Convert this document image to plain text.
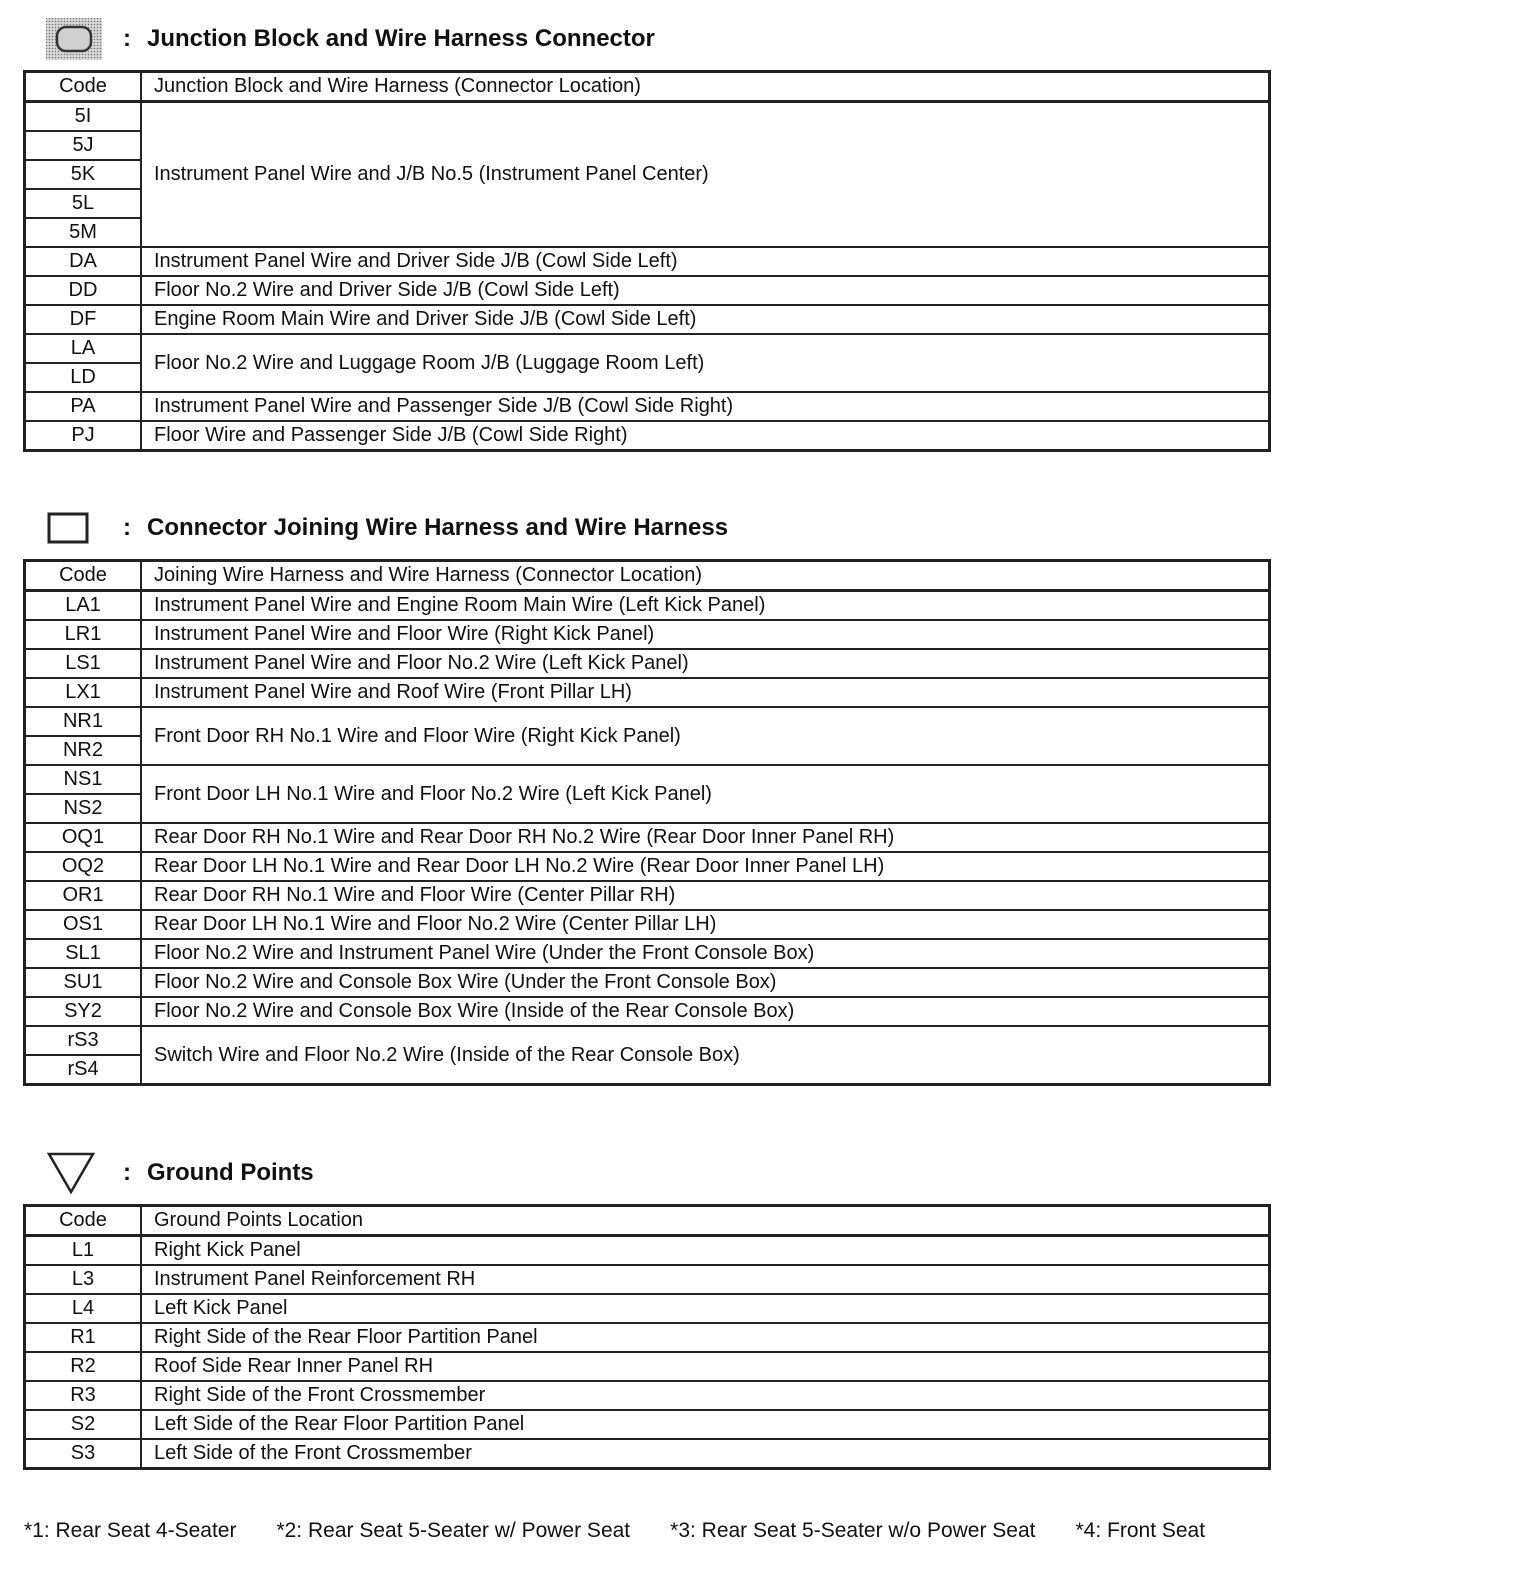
: Junction Block and Wire Harness Connector
Code	Junction Block and Wire Harness (Connector Location)
5I	Instrument Panel Wire and J/B No.5 (Instrument Panel Center)
5J	
5K	
5L	
5M	
DA	Instrument Panel Wire and Driver Side J/B (Cowl Side Left)
DD	Floor No.2 Wire and Driver Side J/B (Cowl Side Left)
DF	Engine Room Main Wire and Driver Side J/B (Cowl Side Left)
LA	Floor No.2 Wire and Luggage Room J/B (Luggage Room Left)
LD	
PA	Instrument Panel Wire and Passenger Side J/B (Cowl Side Right)
PJ	Floor Wire and Passenger Side J/B (Cowl Side Right)
: Connector Joining Wire Harness and Wire Harness
Code	Joining Wire Harness and Wire Harness (Connector Location)
LA1	Instrument Panel Wire and Engine Room Main Wire (Left Kick Panel)
LR1	Instrument Panel Wire and Floor Wire (Right Kick Panel)
LS1	Instrument Panel Wire and Floor No.2 Wire (Left Kick Panel)
LX1	Instrument Panel Wire and Roof Wire (Front Pillar LH)
NR1	Front Door RH No.1 Wire and Floor Wire (Right Kick Panel)
NR2	
NS1	Front Door LH No.1 Wire and Floor No.2 Wire (Left Kick Panel)
NS2	
OQ1	Rear Door RH No.1 Wire and Rear Door RH No.2 Wire (Rear Door Inner Panel RH)
OQ2	Rear Door LH No.1 Wire and Rear Door LH No.2 Wire (Rear Door Inner Panel LH)
OR1	Rear Door RH No.1 Wire and Floor Wire (Center Pillar RH)
OS1	Rear Door LH No.1 Wire and Floor No.2 Wire (Center Pillar LH)
SL1	Floor No.2 Wire and Instrument Panel Wire (Under the Front Console Box)
SU1	Floor No.2 Wire and Console Box Wire (Under the Front Console Box)
SY2	Floor No.2 Wire and Console Box Wire (Inside of the Rear Console Box)
rS3	Switch Wire and Floor No.2 Wire (Inside of the Rear Console Box)
rS4	
: Ground Points
Code	Ground Points Location
L1	Right Kick Panel
L3	Instrument Panel Reinforcement RH
L4	Left Kick Panel
R1	Right Side of the Rear Floor Partition Panel
R2	Roof Side Rear Inner Panel RH
R3	Right Side of the Front Crossmember
S2	Left Side of the Rear Floor Partition Panel
S3	Left Side of the Front Crossmember
*1: Rear Seat 4-Seater *2: Rear Seat 5-Seater w/ Power Seat *3: Rear Seat 5-Seater w/o Power Seat *4: Front Seat
